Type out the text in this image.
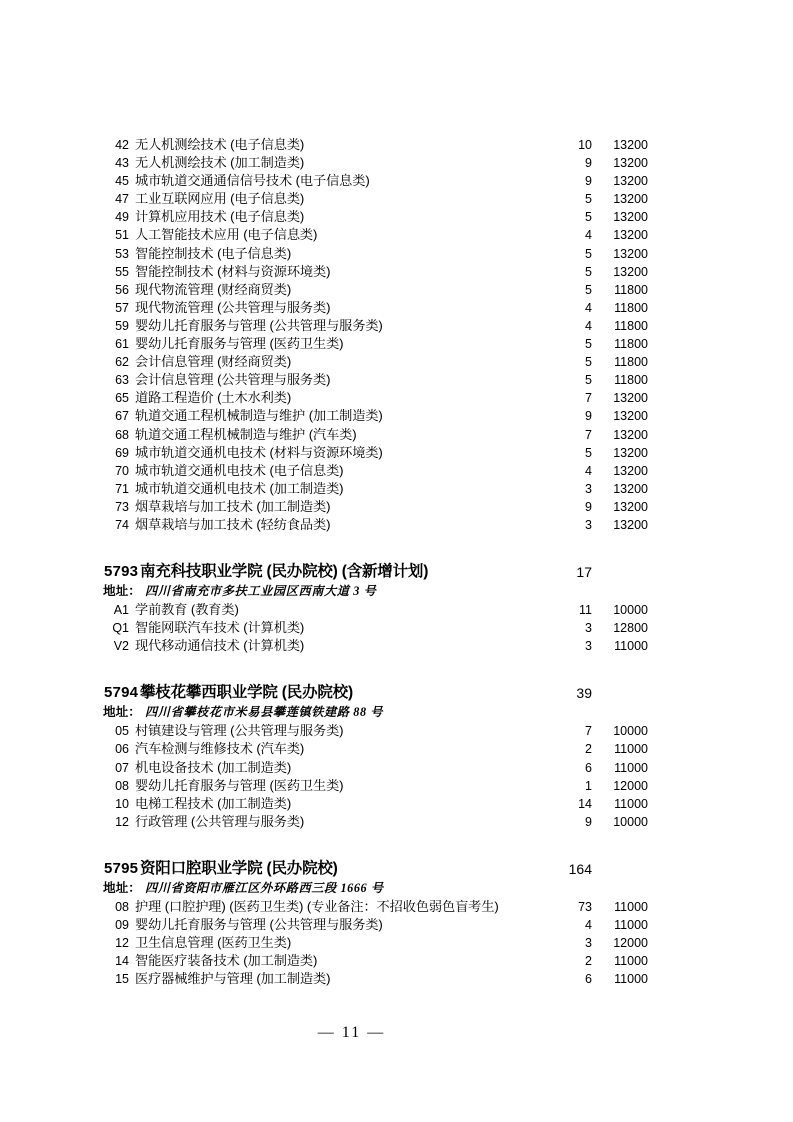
42 无人机测绘技术 (电子信息类)	10	13200
43 无人机测绘技术 (加工制造类)	9	13200
45 城市轨道交通通信信号技术 (电子信息类)	9	13200
47 工业互联网应用 (电子信息类)	5	13200
49 计算机应用技术 (电子信息类)	5	13200
51 人工智能技术应用 (电子信息类)	4	13200
53 智能控制技术 (电子信息类)	5	13200
55 智能控制技术 (材料与资源环境类)	5	13200
56 现代物流管理 (财经商贸类)	5	11800
57 现代物流管理 (公共管理与服务类)	4	11800
59 婴幼儿托育服务与管理 (公共管理与服务类)	4	11800
61 婴幼儿托育服务与管理 (医药卫生类)	5	11800
62 会计信息管理 (财经商贸类)	5	11800
63 会计信息管理 (公共管理与服务类)	5	11800
65 道路工程造价 (土木水利类)	7	13200
67 轨道交通工程机械制造与维护 (加工制造类)	9	13200
68 轨道交通工程机械制造与维护 (汽车类)	7	13200
69 城市轨道交通机电技术 (材料与资源环境类)	5	13200
70 城市轨道交通机电技术 (电子信息类)	4	13200
71 城市轨道交通机电技术 (加工制造类)	3	13200
73 烟草栽培与加工技术 (加工制造类)	9	13200
74 烟草栽培与加工技术 (轻纺食品类)	3	13200
5793 南充科技职业学院 (民办院校) (含新增计划)	17
地址： 四川省南充市多扶工业园区西南大道 3 号
A1 学前教育 (教育类)	11	10000
Q1 智能网联汽车技术 (计算机类)	3	12800
V2 现代移动通信技术 (计算机类)	3	11000
5794 攀枝花攀西职业学院 (民办院校)	39
地址： 四川省攀枝花市米易县攀莲镇铁建路 88 号
05 村镇建设与管理 (公共管理与服务类)	7	10000
06 汽车检测与维修技术 (汽车类)	2	11000
07 机电设备技术 (加工制造类)	6	11000
08 婴幼儿托育服务与管理 (医药卫生类)	1	12000
10 电梯工程技术 (加工制造类)	14	11000
12 行政管理 (公共管理与服务类)	9	10000
5795 资阳口腔职业学院 (民办院校)	164
地址： 四川省资阳市雁江区外环路西三段 1666 号
08 护理 (口腔护理) (医药卫生类) (专业备注：不招收色弱色盲考生)	73	11000
09 婴幼儿托育服务与管理 (公共管理与服务类)	4	11000
12 卫生信息管理 (医药卫生类)	3	12000
14 智能医疗装备技术 (加工制造类)	2	11000
15 医疗器械维护与管理 (加工制造类)	6	11000
— 11 —
